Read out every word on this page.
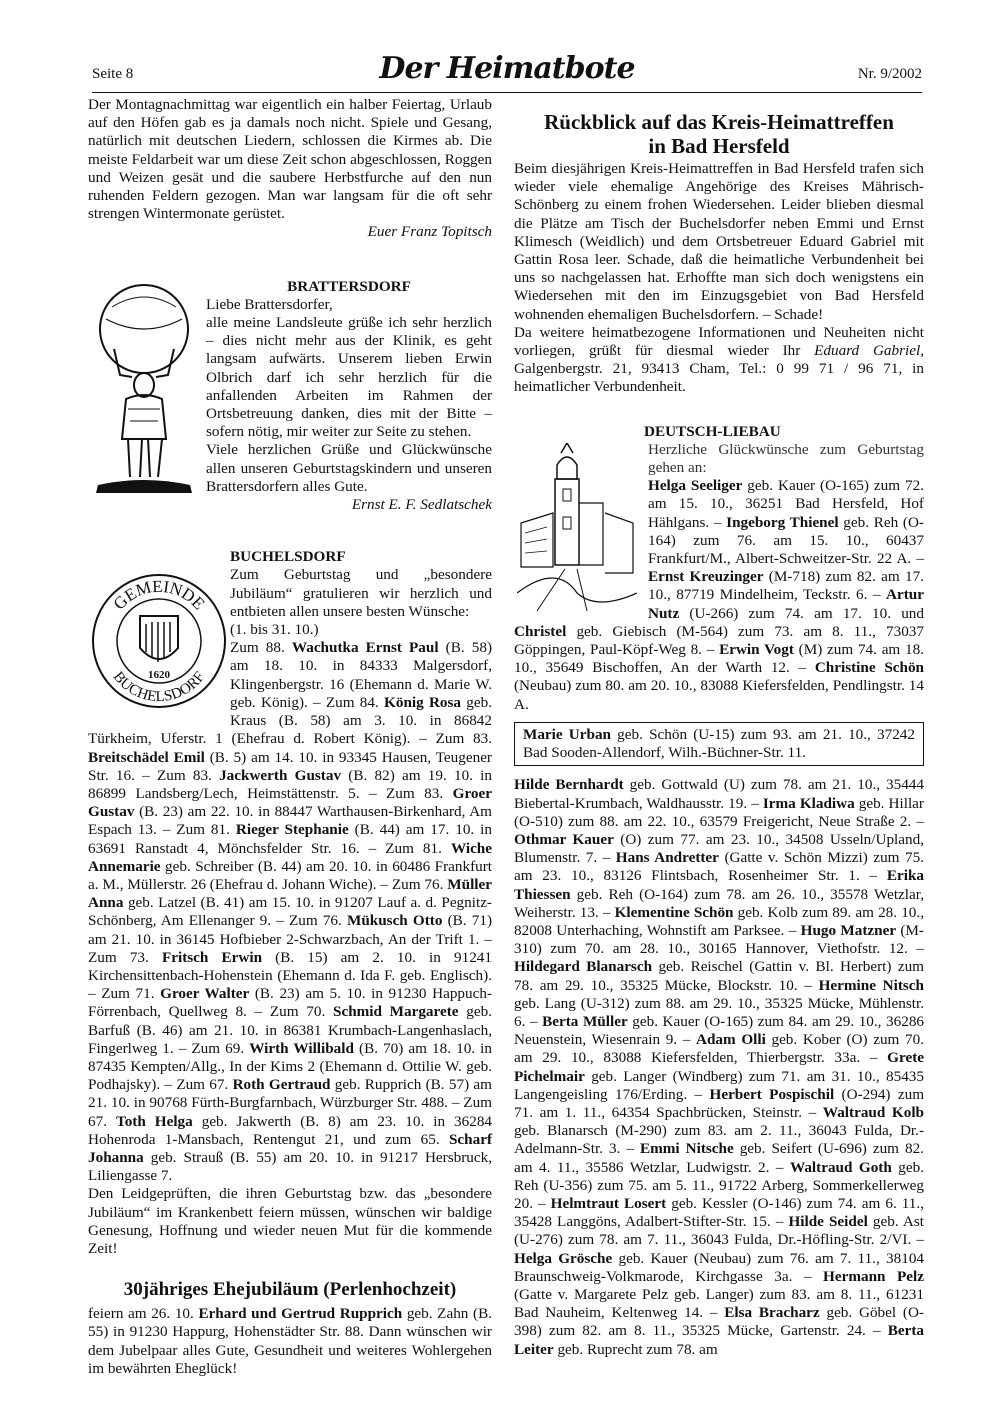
Seite 8	Der Heimatbote	Nr. 9/2002

Der Montagnachmittag war eigentlich ein halber Feiertag, Urlaub auf den Höfen gab es ja damals noch nicht. Spiele und Gesang, natürlich mit deutschen Liedern, schlossen die Kirmes ab. Die meiste Feldarbeit war um diese Zeit schon abgeschlossen, Roggen und Weizen gesät und die saubere Herbstfurche auf den nun ruhenden Feldern gezogen. Man war langsam für die oft sehr strengen Wintermonate gerüstet.

Euer Franz Topitsch

BRATTERSDORF

Liebe Brattersdorfer,

alle meine Landsleute grüße ich sehr herzlich – dies nicht mehr aus der Klinik, es geht langsam aufwärts. Unserem lieben Erwin Olbrich darf ich sehr herzlich für die anfallenden Arbeiten im Rahmen der Ortsbetreuung danken, dies mit der Bitte – sofern nötig, mir weiter zur Seite zu stehen.

Viele herzlichen Grüße und Glückwünsche allen unseren Geburtstagskindern und unseren Brattersdorfern alles Gute.

Ernst E. F. Sedlatschek

BUCHELSDORF

1620
GEMEINDE
BUCHELSDORF

Zum Geburtstag und „besondere Jubiläum“ gratulieren wir herzlich und entbieten allen unsere besten Wünsche:

(1. bis 31. 10.)

Zum 88. Wachutka Ernst Paul (B. 58) am 18. 10. in 84333 Malgersdorf, Klingenbergstr. 16 (Ehemann d. Marie W. geb. König). – Zum 84. König Rosa geb. Kraus (B. 58) am 3. 10. in 86842 Türkheim, Uferstr. 1 (Ehefrau d. Robert König). – Zum 83. Breitschädel Emil (B. 5) am 14. 10. in 93345 Hausen, Teugener Str. 16. – Zum 83. Jackwerth Gustav (B. 82) am 19. 10. in 86899 Landsberg/Lech, Heimstättenstr. 5. – Zum 83. Groer Gustav (B. 23) am 22. 10. in 88447 Warthausen-Birkenhard, Am Espach 13. – Zum 81. Rieger Stephanie (B. 44) am 17. 10. in 63691 Ranstadt 4, Mönchsfelder Str. 16. – Zum 81. Wiche Annemarie geb. Schreiber (B. 44) am 20. 10. in 60486 Frankfurt a. M., Müllerstr. 26 (Ehefrau d. Johann Wiche). – Zum 76. Müller Anna geb. Latzel (B. 41) am 15. 10. in 91207 Lauf a. d. Pegnitz-Schönberg, Am Ellenanger 9. – Zum 76. Mükusch Otto (B. 71) am 21. 10. in 36145 Hofbieber 2-Schwarzbach, An der Trift 1. – Zum 73. Fritsch Erwin (B. 15) am 2. 10. in 91241 Kirchensittenbach-Hohenstein (Ehemann d. Ida F. geb. Englisch). – Zum 71. Groer Walter (B. 23) am 5. 10. in 91230 Happuch-Förrenbach, Quellweg 8. – Zum 70. Schmid Margarete geb. Barfuß (B. 46) am 21. 10. in 86381 Krumbach-Langenhaslach, Fingerlweg 1. – Zum 69. Wirth Willibald (B. 70) am 18. 10. in 87435 Kempten/Allg., In der Kims 2 (Ehemann d. Ottilie W. geb. Podhajsky). – Zum 67. Roth Gertraud geb. Rupprich (B. 57) am 21. 10. in 90768 Fürth-Burgfarnbach, Würzburger Str. 488. – Zum 67. Toth Helga geb. Jakwerth (B. 8) am 23. 10. in 36284 Hohenroda 1-Mansbach, Rentengut 21, und zum 65. Scharf Johanna geb. Strauß (B. 55) am 20. 10. in 91217 Hersbruck, Liliengasse 7.

Den Leidgeprüften, die ihren Geburtstag bzw. das „besondere Jubiläum“ im Krankenbett feiern müssen, wünschen wir baldige Genesung, Hoffnung und wieder neuen Mut für die kommende Zeit!

30jähriges Ehejubiläum (Perlenhochzeit)

feiern am 26. 10. Erhard und Gertrud Rupprich geb. Zahn (B. 55) in 91230 Happurg, Hohenstädter Str. 88. Dann wünschen wir dem Jubelpaar alles Gute, Gesundheit und weiteres Wohlergehen im bewährten Eheglück!

Rückblick auf das Kreis-Heimattreffen in Bad Hersfeld

Beim diesjährigen Kreis-Heimattreffen in Bad Hersfeld trafen sich wieder viele ehemalige Angehörige des Kreises Mährisch-Schönberg zu einem frohen Wiedersehen. Leider blieben diesmal die Plätze am Tisch der Buchelsdorfer neben Emmi und Ernst Klimesch (Weidlich) und dem Ortsbetreuer Eduard Gabriel mit Gattin Rosa leer. Schade, daß die heimatliche Verbundenheit bei uns so nachgelassen hat. Erhoffte man sich doch wenigstens ein Wiedersehen mit den im Einzugsgebiet von Bad Hersfeld wohnenden ehemaligen Buchelsdorfern. – Schade!

Da weitere heimatbezogene Informationen und Neuheiten nicht vorliegen, grüßt für diesmal wieder Ihr Eduard Gabriel, Galgenbergstr. 21, 93413 Cham, Tel.: 0 99 71 / 96 71, in heimatlicher Verbundenheit.

DEUTSCH-LIEBAU

Herzliche Glückwünsche zum Geburtstag gehen an:

Helga Seeliger geb. Kauer (O-165) zum 72. am 15. 10., 36251 Bad Hersfeld, Hof Hählgans. – Ingeborg Thienel geb. Reh (O-164) zum 76. am 15. 10., 60437 Frankfurt/M., Albert-Schweitzer-Str. 22 A. – Ernst Kreuzinger (M-718) zum 82. am 17. 10., 87719 Mindelheim, Teckstr. 6. – Artur Nutz (U-266) zum 74. am 17. 10. und Christel geb. Giebisch (M-564) zum 73. am 8. 11., 73037 Göppingen, Paul-Köpf-Weg 8. – Erwin Vogt (M) zum 74. am 18. 10., 35649 Bischoffen, An der Warth 12. – Christine Schön (Neubau) zum 80. am 20. 10., 83088 Kiefersfelden, Pendlingstr. 14 A.

Marie Urban geb. Schön (U-15) zum 93. am 21. 10., 37242 Bad Sooden-Allendorf, Wilh.-Büchner-Str. 11.

Hilde Bernhardt geb. Gottwald (U) zum 78. am 21. 10., 35444 Biebertal-Krumbach, Waldhausstr. 19. – Irma Kladiwa geb. Hillar (O-510) zum 88. am 22. 10., 63579 Freigericht, Neue Straße 2. – Othmar Kauer (O) zum 77. am 23. 10., 34508 Usseln/Upland, Blumenstr. 7. – Hans Andretter (Gatte v. Schön Mizzi) zum 75. am 23. 10., 83126 Flintsbach, Rosenheimer Str. 1. – Erika Thiessen geb. Reh (O-164) zum 78. am 26. 10., 35578 Wetzlar, Weiherstr. 13. – Klementine Schön geb. Kolb zum 89. am 28. 10., 82008 Unterhaching, Wohnstift am Parksee. – Hugo Matzner (M-310) zum 70. am 28. 10., 30165 Hannover, Viethofstr. 12. – Hildegard Blanarsch geb. Reischel (Gattin v. Bl. Herbert) zum 78. am 29. 10., 35325 Mücke, Blockstr. 10. – Hermine Nitsch geb. Lang (U-312) zum 88. am 29. 10., 35325 Mücke, Mühlenstr. 6. – Berta Müller geb. Kauer (O-165) zum 84. am 29. 10., 36286 Neuenstein, Wiesenrain 9. – Adam Olli geb. Kober (O) zum 70. am 29. 10., 83088 Kiefersfelden, Thierbergstr. 33a. – Grete Pichelmair geb. Langer (Windberg) zum 71. am 31. 10., 85435 Langengeisling 176/Erding. – Herbert Pospischil (O-294) zum 71. am 1. 11., 64354 Spachbrücken, Steinstr. – Waltraud Kolb geb. Blanarsch (M-290) zum 83. am 2. 11., 36043 Fulda, Dr.-Adelmann-Str. 3. – Emmi Nitsche geb. Seifert (U-696) zum 82. am 4. 11., 35586 Wetzlar, Ludwigstr. 2. – Waltraud Goth geb. Reh (U-356) zum 75. am 5. 11., 91722 Arberg, Sommerkellerweg 20. – Helmtraut Losert geb. Kessler (O-146) zum 74. am 6. 11., 35428 Langgöns, Adalbert-Stifter-Str. 15. – Hilde Seidel geb. Ast (U-276) zum 78. am 7. 11., 36043 Fulda, Dr.-Höfling-Str. 2/VI. – Helga Grösche geb. Kauer (Neubau) zum 76. am 7. 11., 38104 Braunschweig-Volkmarode, Kirchgasse 3a. – Hermann Pelz (Gatte v. Margarete Pelz geb. Langer) zum 83. am 8. 11., 61231 Bad Nauheim, Keltenweg 14. – Elsa Bracharz geb. Göbel (O-398) zum 82. am 8. 11., 35325 Mücke, Gartenstr. 24. – Berta Leiter geb. Ruprecht zum 78. am
